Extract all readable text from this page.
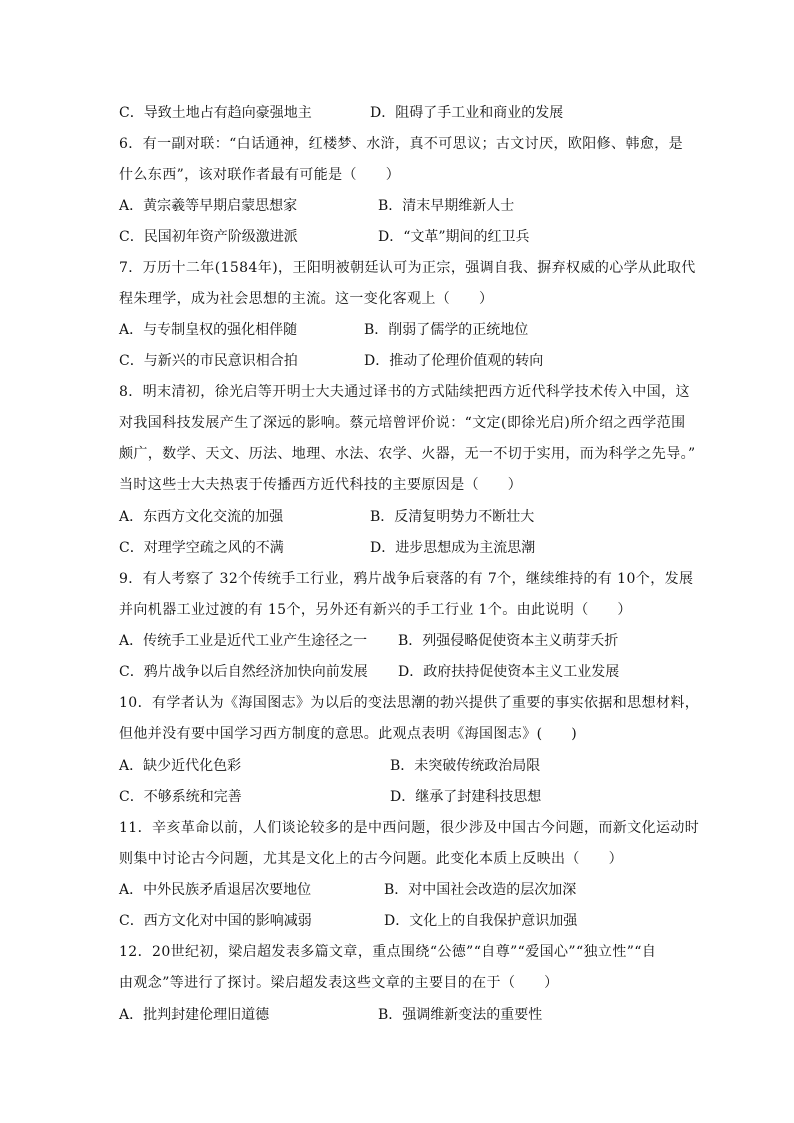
C．导致土地占有趋向豪强地主	D．阻碍了手工业和商业的发展
6．有一副对联：“白话通神，红楼梦、水浒，真不可思议；古文讨厌，欧阳修、韩愈，是
什么东西”，该对联作者最有可能是（　　）
A．黄宗羲等早期启蒙思想家	B．清末早期维新人士
C．民国初年资产阶级激进派	D．“文革”期间的红卫兵
7．万历十二年(1584年)，王阳明被朝廷认可为正宗，强调自我、摒弃权威的心学从此取代
程朱理学，成为社会思想的主流。这一变化客观上（　　）
A．与专制皇权的强化相伴随	B．削弱了儒学的正统地位
C．与新兴的市民意识相合拍	D．推动了伦理价值观的转向
8．明末清初，徐光启等开明士大夫通过译书的方式陆续把西方近代科学技术传入中国，这
对我国科技发展产生了深远的影响。蔡元培曾评价说：“文定(即徐光启)所介绍之西学范围
颇广，数学、天文、历法、地理、水法、农学、火器，无一不切于实用，而为科学之先导。”
当时这些士大夫热衷于传播西方近代科技的主要原因是（　　）
A．东西方文化交流的加强	B．反清复明势力不断壮大
C．对理学空疏之风的不满	D．进步思想成为主流思潮
9．有人考察了 32个传统手工行业，鸦片战争后衰落的有 7个，继续维持的有 10个，发展
并向机器工业过渡的有 15个，另外还有新兴的手工行业 1个。由此说明（　　）
A．传统手工业是近代工业产生途径之一 B．列强侵略促使资本主义萌芽夭折
C．鸦片战争以后自然经济加快向前发展 D．政府扶持促使资本主义工业发展
10．有学者认为《海国图志》为以后的变法思潮的勃兴提供了重要的事实依据和思想材料，
但他并没有要中国学习西方制度的意思。此观点表明《海国图志》(　　)
A．缺少近代化色彩	B．未突破传统政治局限
C．不够系统和完善	D．继承了封建科技思想
11．辛亥革命以前，人们谈论较多的是中西问题，很少涉及中国古今问题，而新文化运动时
则集中讨论古今问题，尤其是文化上的古今问题。此变化本质上反映出（　　）
A．中外民族矛盾退居次要地位	B．对中国社会改造的层次加深
C．西方文化对中国的影响减弱	D．文化上的自我保护意识加强
12．20世纪初，梁启超发表多篇文章，重点围绕“公德”“自尊”“爱国心”“独立性”“自
由观念”等进行了探讨。梁启超发表这些文章的主要目的在于（　　）
A．批判封建伦理旧道德	B．强调维新变法的重要性
